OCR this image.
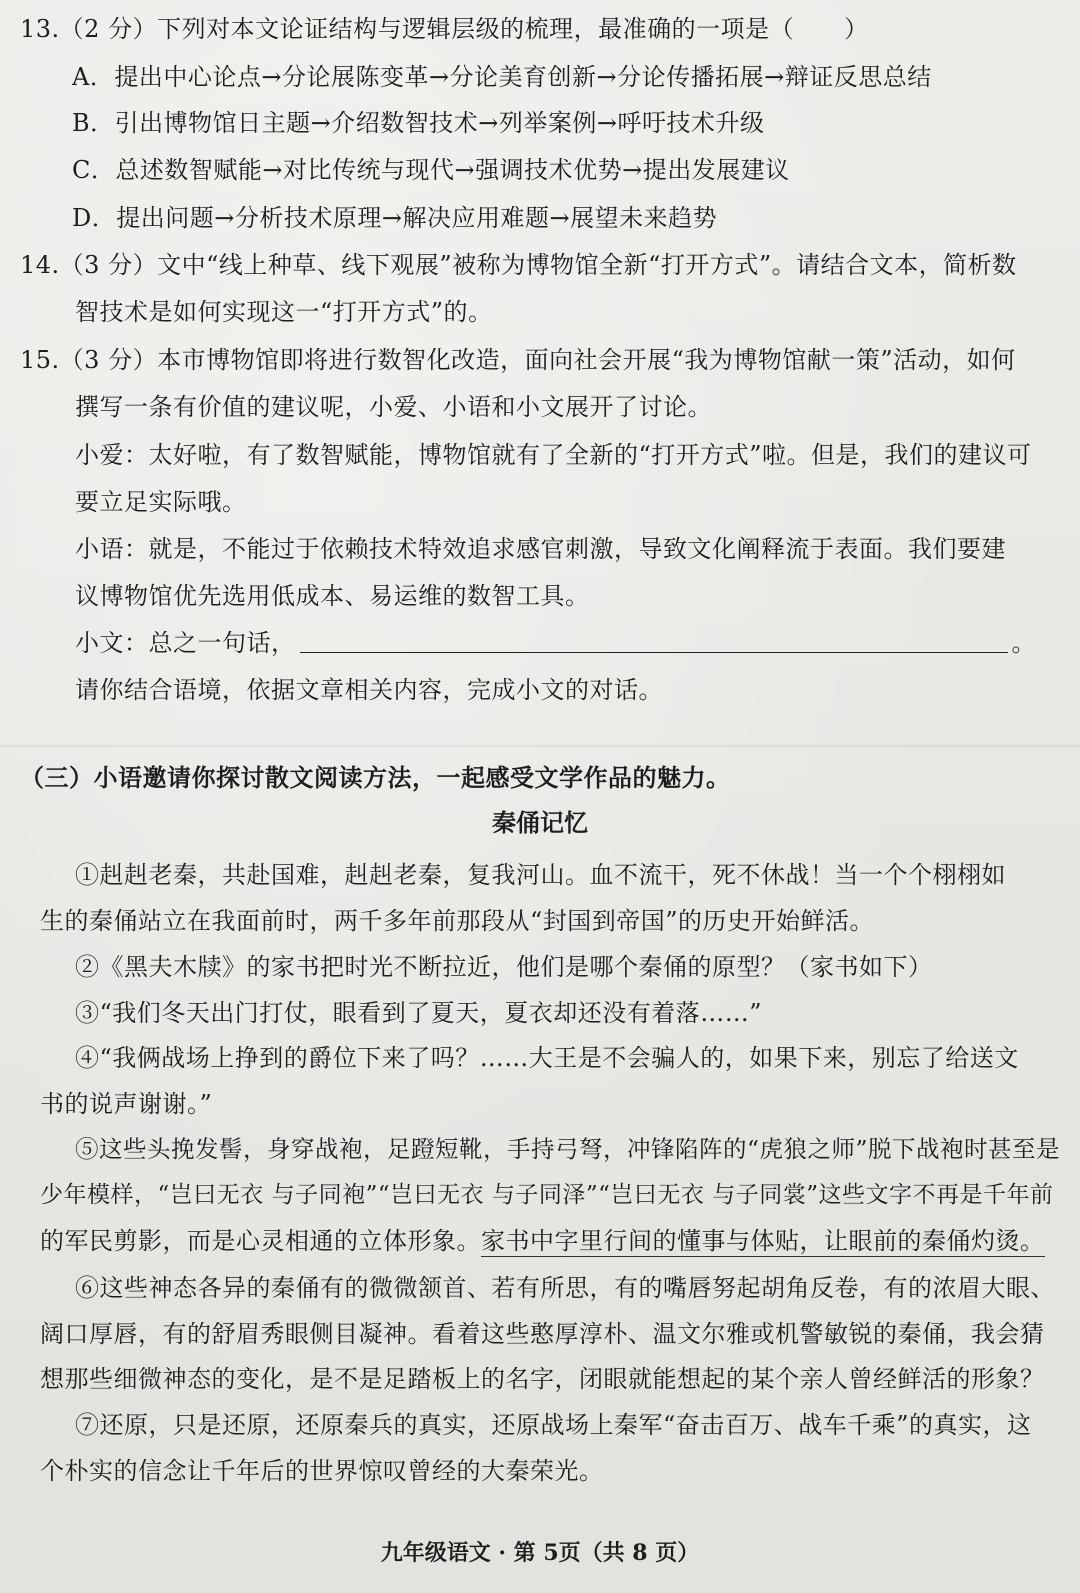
13.（2 分）下列对本文论证结构与逻辑层级的梳理，最准确的一项是（ ）
A．提出中心论点→分论展陈变革→分论美育创新→分论传播拓展→辩证反思总结
B．引出博物馆日主题→介绍数智技术→列举案例→呼吁技术升级
C．总述数智赋能→对比传统与现代→强调技术优势→提出发展建议
D．提出问题→分析技术原理→解决应用难题→展望未来趋势
14.（3 分）文中“线上种草、线下观展”被称为博物馆全新“打开方式”。请结合文本，简析数
智技术是如何实现这一“打开方式”的。
15.（3 分）本市博物馆即将进行数智化改造，面向社会开展“我为博物馆献一策”活动，如何
撰写一条有价值的建议呢，小爱、小语和小文展开了讨论。
小爱：太好啦，有了数智赋能，博物馆就有了全新的“打开方式”啦。但是，我们的建议可
要立足实际哦。
小语：就是，不能过于依赖技术特效追求感官刺激，导致文化阐释流于表面。我们要建
议博物馆优先选用低成本、易运维的数智工具。
小文：总之一句话，	。
请你结合语境，依据文章相关内容，完成小文的对话。
（三）小语邀请你探讨散文阅读方法，一起感受文学作品的魅力。
秦俑记忆
①赳赳老秦，共赴国难，赳赳老秦，复我河山。血不流干，死不休战！当一个个栩栩如
生的秦俑站立在我面前时，两千多年前那段从“封国到帝国”的历史开始鲜活。
②《黑夫木牍》的家书把时光不断拉近，他们是哪个秦俑的原型？（家书如下）
③“我们冬天出门打仗，眼看到了夏天，夏衣却还没有着落……”
④“我俩战场上挣到的爵位下来了吗？……大王是不会骗人的，如果下来，别忘了给送文
书的说声谢谢。”
⑤这些头挽发髻，身穿战袍，足蹬短靴，手持弓弩，冲锋陷阵的“虎狼之师”脱下战袍时甚至是
少年模样，“岂曰无衣 与子同袍”“岂曰无衣 与子同泽”“岂曰无衣 与子同裳”这些文字不再是千年前
的军民剪影，而是心灵相通的立体形象。家书中字里行间的懂事与体贴，让眼前的秦俑灼烫。
⑥这些神态各异的秦俑有的微微颔首、若有所思，有的嘴唇努起胡角反卷，有的浓眉大眼、
阔口厚唇，有的舒眉秀眼侧目凝神。看着这些憨厚淳朴、温文尔雅或机警敏锐的秦俑，我会猜
想那些细微神态的变化，是不是足踏板上的名字，闭眼就能想起的某个亲人曾经鲜活的形象？
⑦还原，只是还原，还原秦兵的真实，还原战场上秦军“奋击百万、战车千乘”的真实，这
个朴实的信念让千年后的世界惊叹曾经的大秦荣光。
九年级语文 · 第 5页（共 8 页）
